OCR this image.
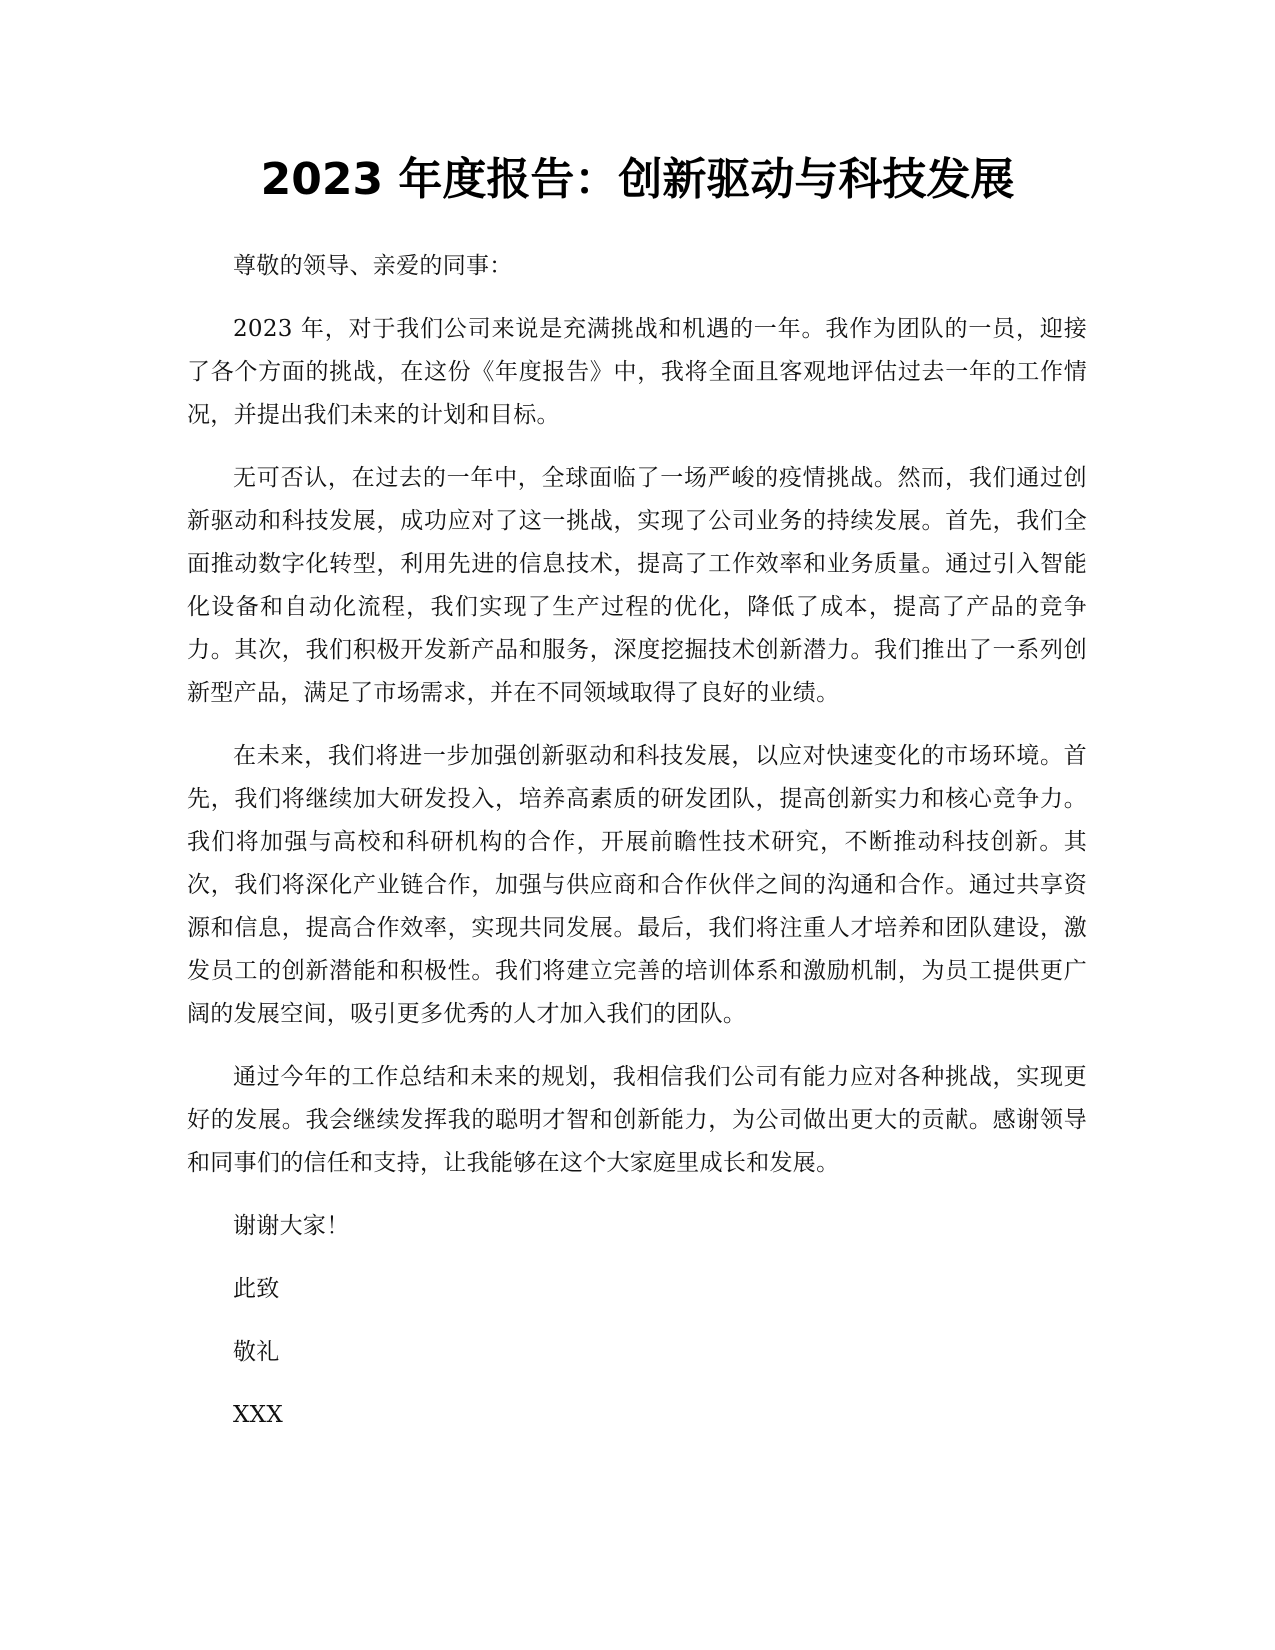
2023 年度报告：创新驱动与科技发展

尊敬的领导、亲爱的同事：

2023 年，对于我们公司来说是充满挑战和机遇的一年。我作为团队的一员，迎接了各个方面的挑战，在这份《年度报告》中，我将全面且客观地评估过去一年的工作情况，并提出我们未来的计划和目标。

无可否认，在过去的一年中，全球面临了一场严峻的疫情挑战。然而，我们通过创新驱动和科技发展，成功应对了这一挑战，实现了公司业务的持续发展。首先，我们全面推动数字化转型，利用先进的信息技术，提高了工作效率和业务质量。通过引入智能化设备和自动化流程，我们实现了生产过程的优化，降低了成本，提高了产品的竞争力。其次，我们积极开发新产品和服务，深度挖掘技术创新潜力。我们推出了一系列创新型产品，满足了市场需求，并在不同领域取得了良好的业绩。

在未来，我们将进一步加强创新驱动和科技发展，以应对快速变化的市场环境。首先，我们将继续加大研发投入，培养高素质的研发团队，提高创新实力和核心竞争力。我们将加强与高校和科研机构的合作，开展前瞻性技术研究，不断推动科技创新。其次，我们将深化产业链合作，加强与供应商和合作伙伴之间的沟通和合作。通过共享资源和信息，提高合作效率，实现共同发展。最后，我们将注重人才培养和团队建设，激发员工的创新潜能和积极性。我们将建立完善的培训体系和激励机制，为员工提供更广阔的发展空间，吸引更多优秀的人才加入我们的团队。

通过今年的工作总结和未来的规划，我相信我们公司有能力应对各种挑战，实现更好的发展。我会继续发挥我的聪明才智和创新能力，为公司做出更大的贡献。感谢领导和同事们的信任和支持，让我能够在这个大家庭里成长和发展。

谢谢大家！

此致

敬礼

XXX
